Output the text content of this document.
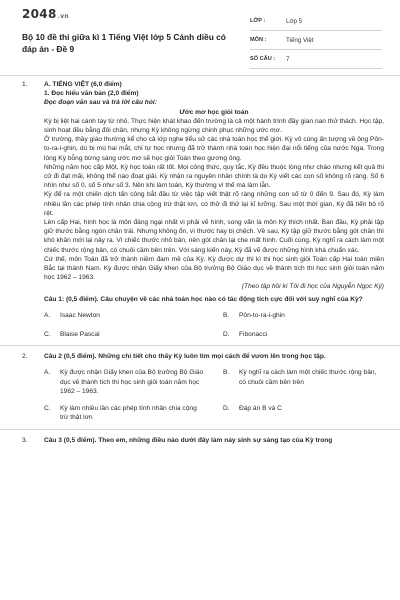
2048.vn
Bộ 10 đề thi giữa kì 1 Tiếng Việt lớp 5 Cánh diều có đáp án - Đề 9
LỚP :	Lớp 5
MÔN :	Tiếng Việt
SỐ CÂU :	7
1.	A. TIẾNG VIỆT (6,0 điểm)
1. Đọc hiểu văn bản (2,0 điểm)
Đọc đoạn văn sau và trả lời câu hỏi:
Ước mơ học giỏi toán
Kỳ bị liệt hai cánh tay từ nhỏ. Thực hiện khát khao đến trường là cả một hành trình đầy gian nan thử thách. Học tập, sinh hoạt đều bằng đôi chân, nhưng Kỳ không ngừng chinh phục những ước mơ.
Ở trường, thầy giáo thường kể cho cả lớp nghe tiểu sử các nhà toán học thế giới. Kỳ vô cùng ấn tượng về ông Pôn-to-ra-i-ghin, dù bị mù hai mắt, chí tự học nhưng đã trở thành nhà toán học hiện đại nổi tiếng của nước Nga. Trong lòng Kỳ bỗng bừng sáng ước mơ sẽ học giỏi Toán theo gương ông.
Những năm học cấp Một, Kỳ học toán rất tốt. Mọi công thức, quy tắc, Kỳ đều thuộc lòng như cháo nhưng kết quả thi cử đi đạt mãi, không thể nào đoạt giải. Kỳ nhận ra nguyên nhân chính là do Kỳ viết các con số không rõ ràng. Số 6 nhìn như số 0, số 5 như số 3. Nên khi làm toán, Kỳ thường vì thế mà làm lẫn.
Kỳ để ra một chiến dịch tấn công bắt đầu từ việc tập viết thật rõ ràng những con số từ 0 đến 9. Sau đó, Kỳ làm nhiều lần các phép tính nhân chia cộng trừ thật lơn, có thử đi thử lại kĩ lưỡng. Sau một thời gian, Kỳ đã tiến bộ rõ rệt.
Lên cấp Hai, hình học là môn đáng ngại nhất vì phải vẽ hình, song vấn là môn Kỳ thích nhất. Ban đầu, Kỳ phải tập giữ thước bằng ngón chân trái. Nhưng không ổn, vì thước hay bị chệch. Về sau, Kỳ tập giữ thước bằng gót chân thì khó khăn mới lại nảy ra. Vì chiếc thước nhỏ bản, nên gót chân lại che mất hình. Cuối cùng, Kỳ nghĩ ra cách làm một chiếc thước rộng bản, có chuôi cầm bên trên. Với sáng kiến này, Kỳ đã vẽ được những hình khá chuẩn xác.
Cứ thế, môn Toán đã trở thành niềm đam mê của Kỳ. Kỳ được dự thi kì thi học sinh giỏi Toán cấp Hai toàn miền Bắc tại thành Nam. Kỳ được nhận Giấy khen của Bộ trưởng Bộ Giáo dục về thành tích thi học sinh giỏi toán năm học 1962 – 1963.
(Theo tập hồi kí Tôi đi học của Nguyễn Ngọc Ký)
Câu 1: (0,5 điểm). Câu chuyện về các nhà toán học nào có tác động tích cực đối với suy nghĩ của Kỳ?
A.	Isaac Newton	B.	Pôn-to-ra-i-ghin
C.	Blaise Pascal	D.	Fibonacci
2.	Câu 2 (0,5 điểm). Những chi tiết cho thấy Kỳ luôn tìm mọi cách để vươn lên trong học tập.
A.	Kỳ được nhận Giấy khen của Bộ trưởng Bộ Giáo dục về thành tích thi học sinh giỏi toán năm học 1962 – 1963.
B.	Kỳ nghĩ ra cách làm một chiếc thước rộng bản, có chuôi cầm bên trên
C.	Kỳ làm nhiều lần các phép tính nhân chia cộng trừ thật lơn
D.	Đáp án B và C
3.	Câu 3 (0,5 điểm). Theo em, những điều nào dưới đây làm nảy sinh sự sáng tạo của Kỳ trong
